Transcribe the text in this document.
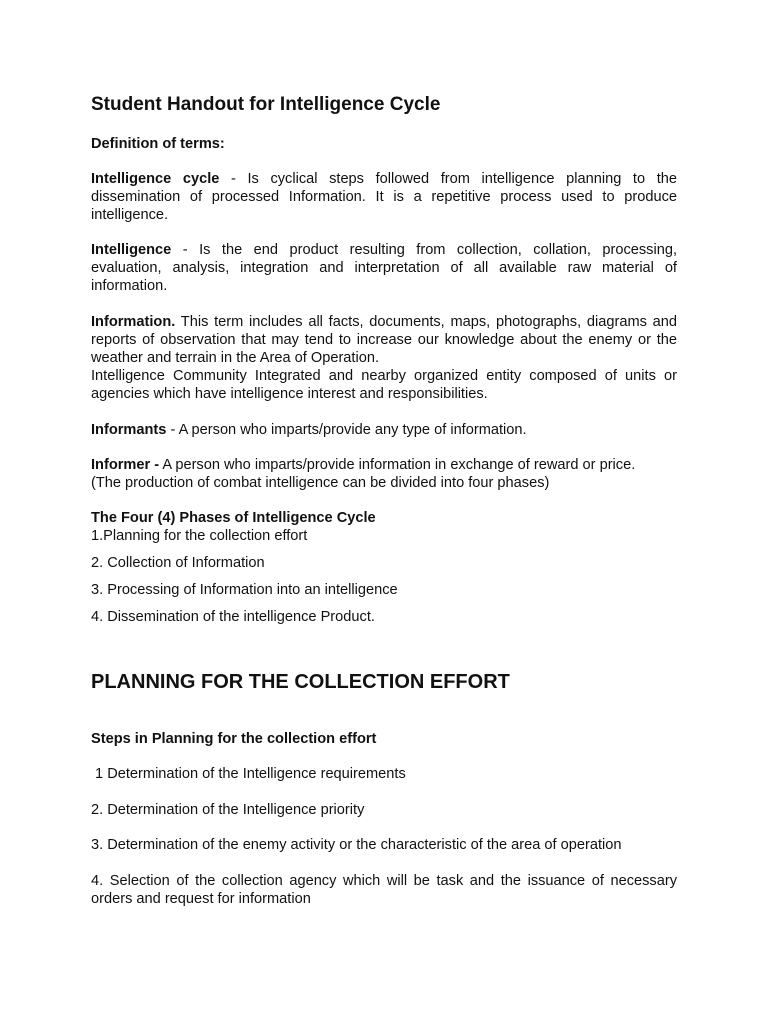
Student Handout for Intelligence Cycle

Definition of terms:

Intelligence cycle - Is cyclical steps followed from intelligence planning to the dissemination of processed Information. It is a repetitive process used to produce intelligence.

Intelligence - Is the end product resulting from collection, collation, processing, evaluation, analysis, integration and interpretation of all available raw material of information.

Information. This term includes all facts, documents, maps, photographs, diagrams and reports of observation that may tend to increase our knowledge about the enemy or the weather and terrain in the Area of Operation.

Intelligence Community Integrated and nearby organized entity composed of units or agencies which have intelligence interest and responsibilities.

Informants - A person who imparts/provide any type of information.

Informer - A person who imparts/provide information in exchange of reward or price.

(The production of combat intelligence can be divided into four phases)

The Four (4) Phases of Intelligence Cycle

1.Planning for the collection effort

2. Collection of Information

3. Processing of Information into an intelligence

4. Dissemination of the intelligence Product.

PLANNING FOR THE COLLECTION EFFORT

Steps in Planning for the collection effort

1 Determination of the Intelligence requirements

2. Determination of the Intelligence priority

3. Determination of the enemy activity or the characteristic of the area of operation

4. Selection of the collection agency which will be task and the issuance of necessary orders and request for information
